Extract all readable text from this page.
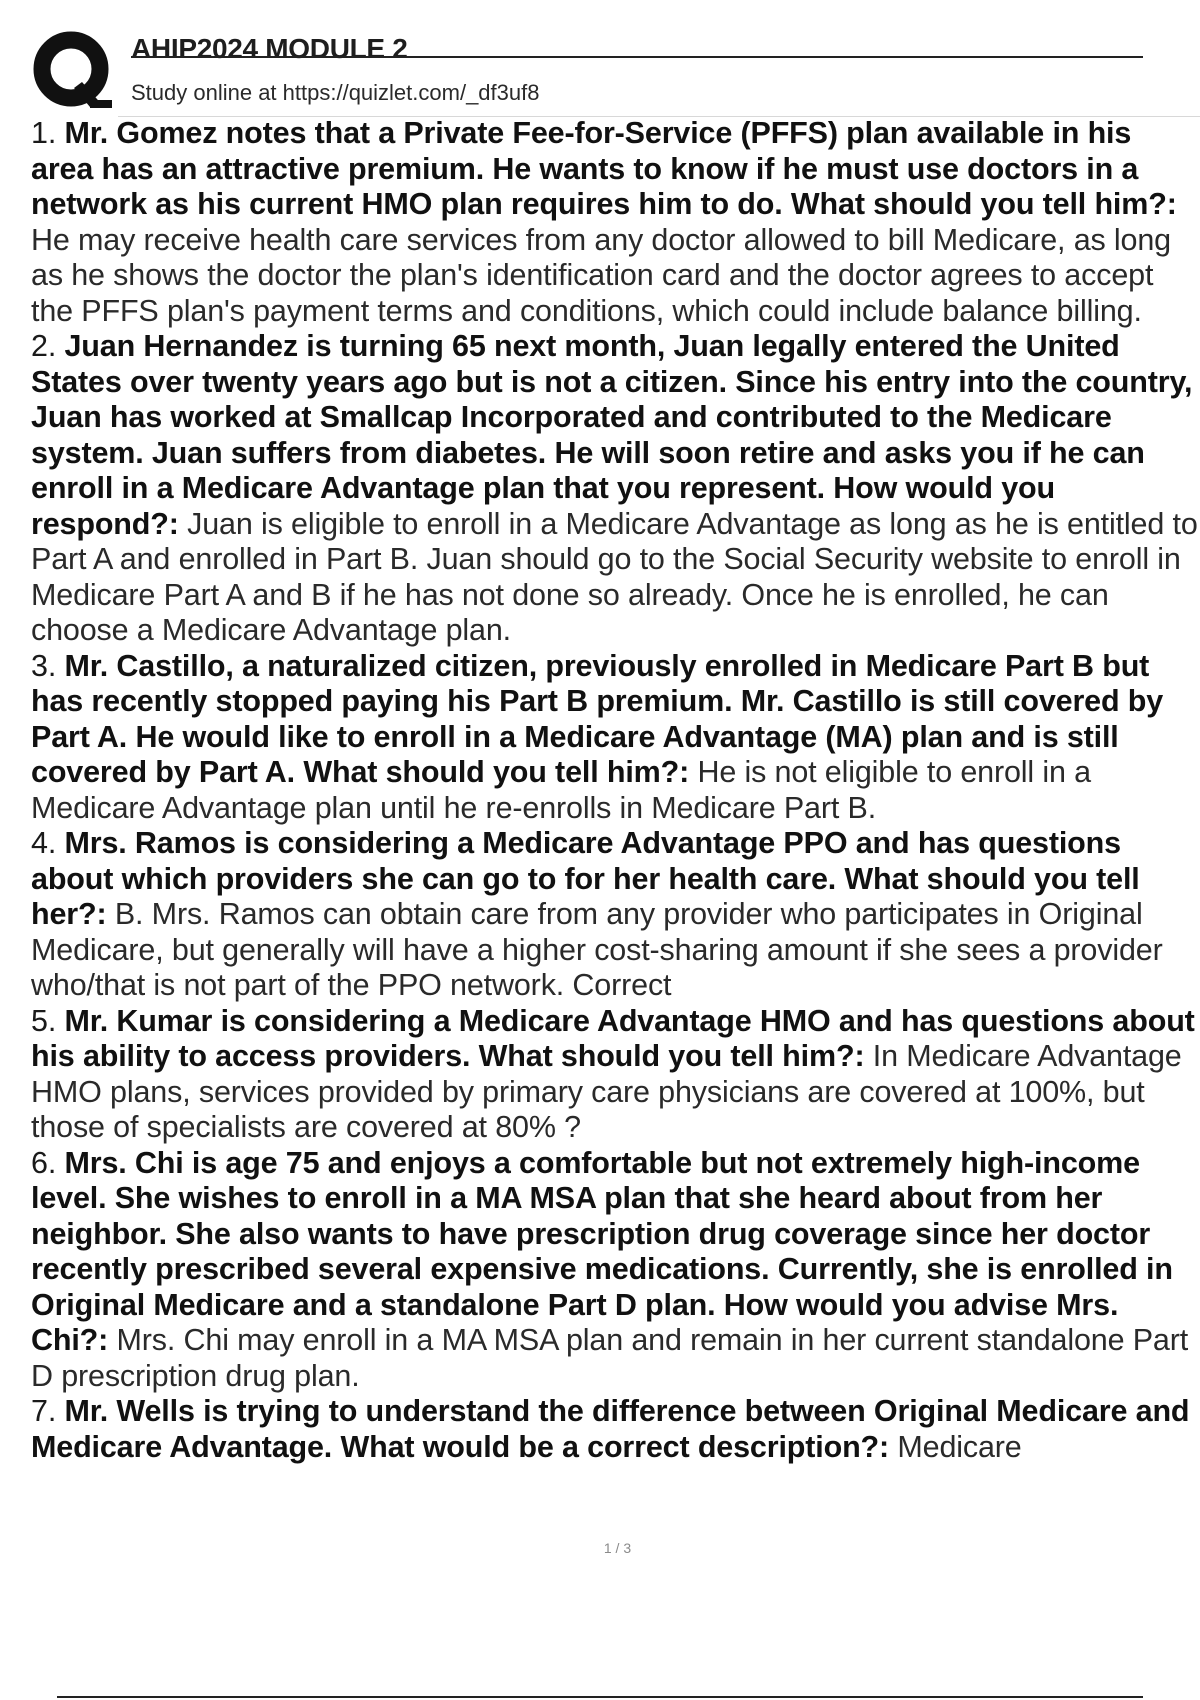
AHIP2024 MODULE 2
Study online at https://quizlet.com/_df3uf8

1. Mr. Gomez notes that a Private Fee-for-Service (PFFS) plan available in his area has an attractive premium. He wants to know if he must use doctors in a network as his current HMO plan requires him to do. What should you tell him?: He may receive health care services from any doctor allowed to bill Medicare, as long as he shows the doctor the plan's identification card and the doctor agrees to accept the PFFS plan's payment terms and conditions, which could include balance billing.

2. Juan Hernandez is turning 65 next month, Juan legally entered the United States over twenty years ago but is not a citizen. Since his entry into the country, Juan has worked at Smallcap Incorporated and contributed to the Medicare system. Juan suffers from diabetes. He will soon retire and asks you if he can enroll in a Medicare Advantage plan that you represent. How would you respond?: Juan is eligible to enroll in a Medicare Advantage as long as he is entitled to Part A and enrolled in Part B. Juan should go to the Social Security website to enroll in Medicare Part A and B if he has not done so already. Once he is enrolled, he can choose a Medicare Advantage plan.

3. Mr. Castillo, a naturalized citizen, previously enrolled in Medicare Part B but has recently stopped paying his Part B premium. Mr. Castillo is still covered by Part A. He would like to enroll in a Medicare Advantage (MA) plan and is still covered by Part A. What should you tell him?: He is not eligible to enroll in a Medicare Advantage plan until he re-enrolls in Medicare Part B.

4. Mrs. Ramos is considering a Medicare Advantage PPO and has questions about which providers she can go to for her health care. What should you tell her?: B. Mrs. Ramos can obtain care from any provider who participates in Original Medicare, but generally will have a higher cost-sharing amount if she sees a provider who/that is not part of the PPO network. Correct

5. Mr. Kumar is considering a Medicare Advantage HMO and has questions about his ability to access providers. What should you tell him?: In Medicare Advantage HMO plans, services provided by primary care physicians are covered at 100%, but those of specialists are covered at 80% ?

6. Mrs. Chi is age 75 and enjoys a comfortable but not extremely high-income level. She wishes to enroll in a MA MSA plan that she heard about from her neighbor. She also wants to have prescription drug coverage since her doctor recently prescribed several expensive medications. Currently, she is enrolled in Original Medicare and a standalone Part D plan. How would you advise Mrs. Chi?: Mrs. Chi may enroll in a MA MSA plan and remain in her current standalone Part D prescription drug plan.

7. Mr. Wells is trying to understand the difference between Original Medicare and Medicare Advantage. What would be a correct description?: Medicare

1 / 3
